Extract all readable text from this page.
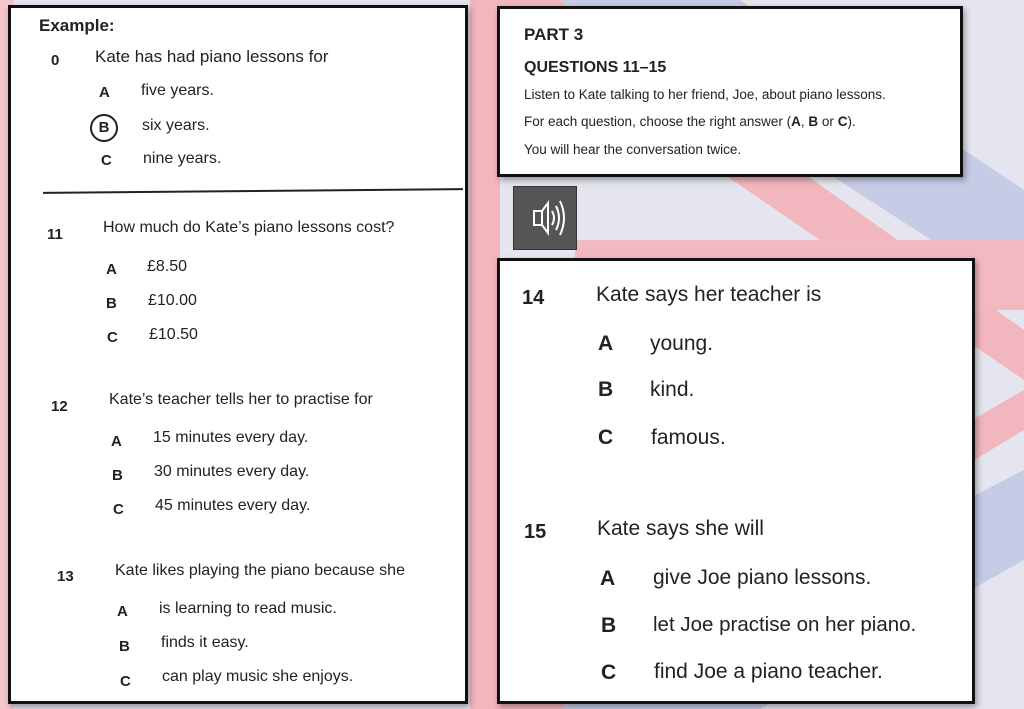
Example:
0 Kate has had piano lessons for
A five years.
B	six years.
C nine years.
11	How much do Kate’s piano lessons cost?
A £8.50
B £10.00
C £10.50
12	Kate’s teacher tells her to practise for
A 15 minutes every day.
B 30 minutes every day.
C 45 minutes every day.
13	Kate likes playing the piano because she
A is learning to read music.
B finds it easy.
C can play music she enjoys.
PART 3
QUESTIONS 11–15
Listen to Kate talking to her friend, Joe, about piano lessons.
For each question, choose the right answer (A, B or C).
You will hear the conversation twice.
14 Kate says her teacher is
A young.
B kind.
C famous.
15 Kate says she will
A give Joe piano lessons.
B let Joe practise on her piano.
C find Joe a piano teacher.
